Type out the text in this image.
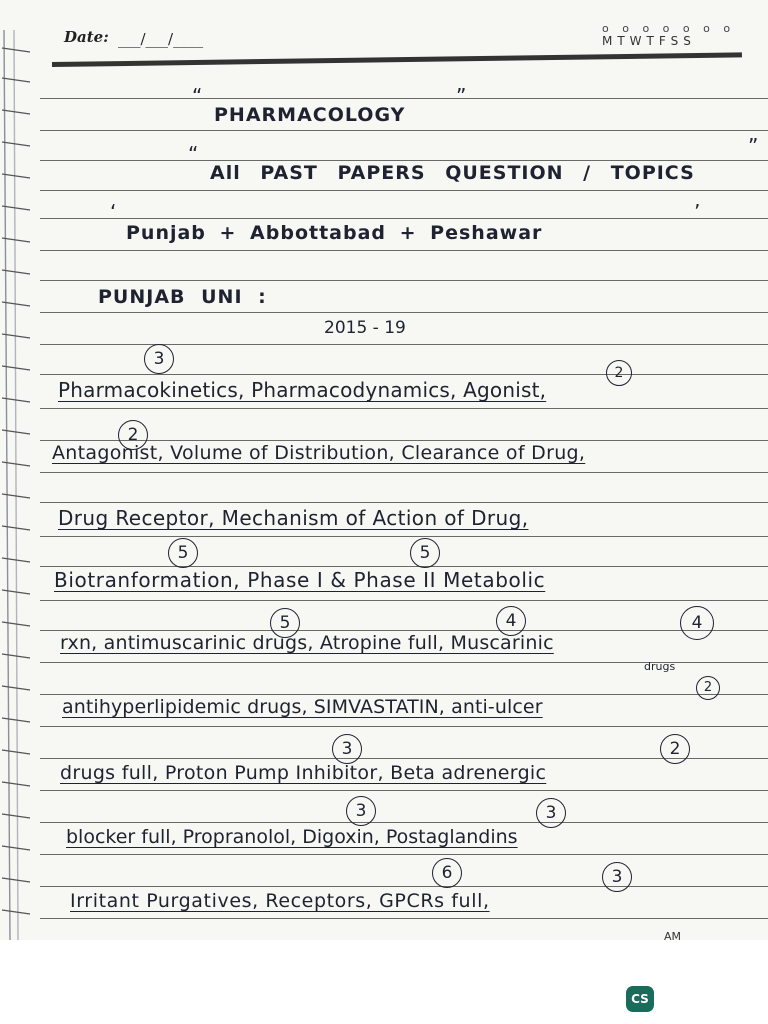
Date: ___/___/____
o o o o o o o
MTWTFSS
“
PHARMACOLOGY
”
“
All PAST PAPERS QUESTION / TOPICS
”
‘
Punjab + Abbottabad + Peshawar
’
PUNJAB UNI :
2015 - 19
Pharmacokinetics, Pharmacodynamics, Agonist,
Antagonist, Volume of Distribution, Clearance of Drug,
Drug Receptor, Mechanism of Action of Drug,
Biotranformation, Phase I & Phase II Metabolic
rxn, antimuscarinic drugs, Atropine full, Muscarinic
drugs
antihyperlipidemic drugs, SIMVASTATIN, anti-ulcer
drugs full, Proton Pump Inhibitor, Beta adrenergic
blocker full, Propranolol, Digoxin, Postaglandins
Irritant Purgatives, Receptors, GPCRs full,
3
2
2
5	5
5	4	4
2
3	2
3	3
6	3
AM
CS
